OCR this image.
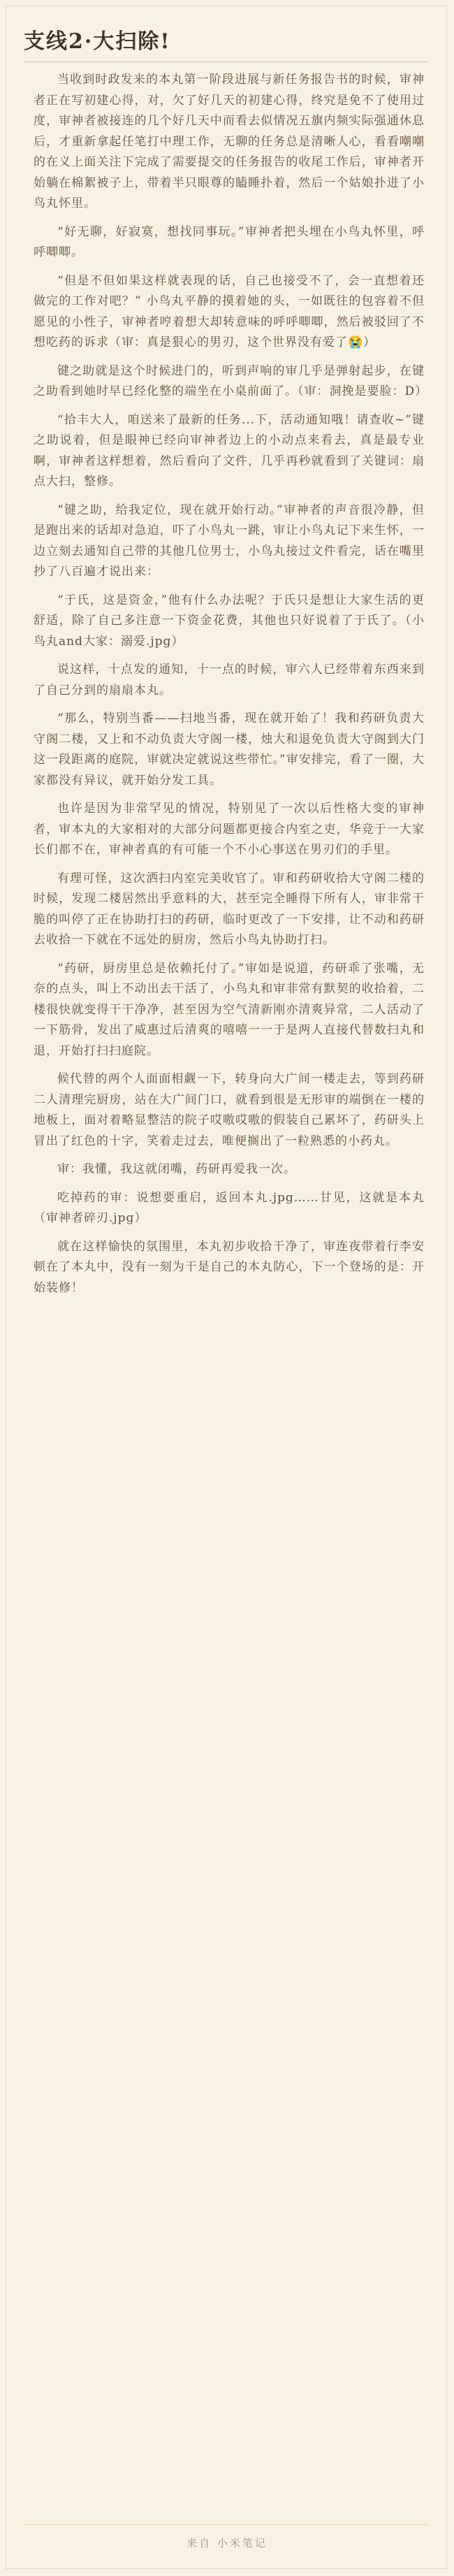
支线2·大扫除!

当收到时政发来的本丸第一阶段进展与新任务报告书的时候，审神者正在写初建心得，对，欠了好几天的初建心得，终究是免不了使用过度，审神者被接连的几个好几天中而看去似情况五旗内频实际强通休息后，才重新拿起任笔打中理工作，无聊的任务总是清晰人心，看看嘲嘲的在义上面关注下完成了需要提交的任务报告的收尾工作后，审神者开始躺在棉絮被子上，带着半只眼尊的瞌睡扑着，然后一个姑娘扑进了小鸟丸怀里。

“好无聊，好寂寞，想找同事玩。”审神者把头埋在小鸟丸怀里，呼呼唧唧。

“但是不但如果这样就表现的话，自己也接受不了，会一直想着还做完的工作对吧？” 小鸟丸平静的摸着她的头，一如既往的包容着不但愿见的小性子，审神者哼着想大却转意味的呼呼唧唧，然后被驳回了不想吃药的诉求（审：真是狠心的男刃，这个世界没有爱了😭）

键之助就是这个时候进门的，听到声响的审几乎是弹射起步，在键之助看到她时早已经化整的端坐在小桌前面了。（审：洞挽是要脸：D）

“拾丰大人，咱送来了最新的任务...下，活动通知哦！请查收~”键之助说着，但是眼神已经向审神者边上的小动点来看去，真是最专业啊，审神者这样想着，然后看向了文件，几乎再秒就看到了关键词：扇点大扫，整修。

“键之助，给我定位，现在就开始行动。”审神者的声音很冷静，但是跑出来的话却对急迫，吓了小鸟丸一跳，审让小鸟丸记下来生怀，一边立刻去通知自己带的其他几位男士，小鸟丸接过文件看完，话在嘴里抄了八百遍才说出来：

“于氏，这是资金，”他有什么办法呢？于氏只是想让大家生活的更舒适，除了自己多注意一下资金花费，其他也只好说着了于氏了。（小鸟丸and大家：溺爱.jpg）

说这样，十点发的通知，十一点的时候，审六人已经带着东西来到了自己分到的扇扇本丸。

“那么，特别当番——扫地当番，现在就开始了！我和药研负责大守阁二楼，又上和不动负责大守阁一楼，烛大和退免负责大守阁到大门这一段距离的庭院，审就决定就说这些带忙。”审安排完，看了一圈，大家都没有异议，就开始分发工具。

也许是因为非常罕见的情况，特别见了一次以后性格大变的审神者，审本丸的大家相对的大部分问题都更接合内室之吏，华竞于一大家长们都不在，审神者真的有可能一个不小心事送在男刃们的手里。

有理可怪，这次洒扫内室完美收官了。审和药研收拾大守阁二楼的时候，发现二楼居然出乎意料的大，甚至完全睡得下所有人，审非常干脆的叫停了正在协助打扫的药研，临时更改了一下安排，让不动和药研去收拾一下就在不远处的厨房，然后小鸟丸协助打扫。

“药研，厨房里总是依赖托付了。”审如是说道，药研乖了张嘴，无奈的点头，叫上不动出去干活了，小鸟丸和审非常有默契的收拾着，二楼很快就变得干干净净，甚至因为空气清新刚亦清爽异常，二人活动了一下筋骨，发出了威惠过后清爽的嘻嘻一一于是两人直接代替数扫丸和退，开始打扫扫庭院。

候代替的两个人面面相觑一下，转身向大广间一楼走去，等到药研二人清理完厨房，站在大广间门口，就看到很是无形审的端倒在一楼的地板上，面对着略显整洁的院子哎嗷哎嗷的假装自己累坏了，药研头上冒出了红色的十字，笑着走过去，唯便搁出了一粒熟悉的小药丸。

审：我懂，我这就闭嘴，药研再爱我一次。

吃掉药的审：说想要重启，返回本丸.jpg……甘见，这就是本丸（审神者碎刃.jpg）

就在这样愉快的氛围里，本丸初步收拾干净了，审连夜带着行李安顿在了本丸中，没有一刻为干是自己的本丸防心，下一个登场的是：开始装修！

来自 小米笔记
